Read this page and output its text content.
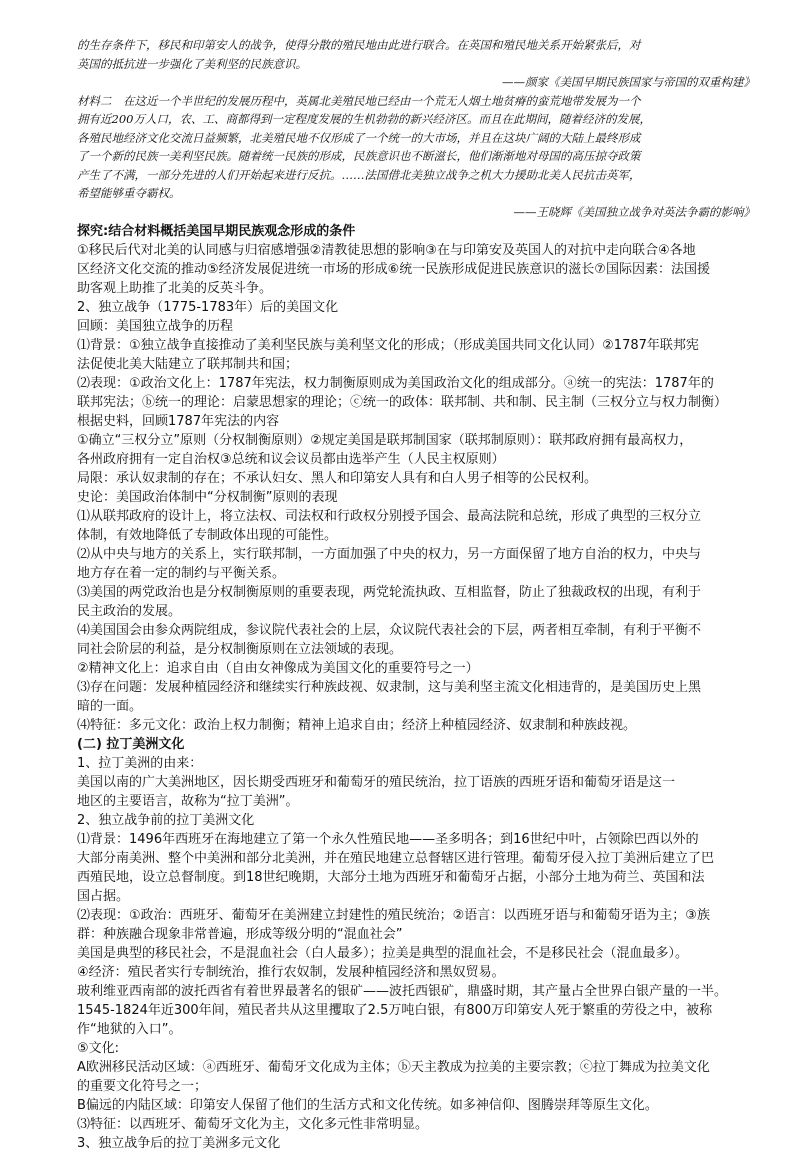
的生存条件下，移民和印第安人的战争，使得分散的殖民地由此进行联合。在英国和殖民地关系开始紧张后，对

英国的抵抗进一步强化了美利坚的民族意识。

——颜家《美国早期民族国家与帝国的双重构建》

材料二　在这近一个半世纪的发展历程中，英属北美殖民地已经由一个荒无人烟土地贫瘠的蛮荒地带发展为一个

拥有近200万人口，农、工、商都得到一定程度发展的生机勃勃的新兴经济区。而且在此期间，随着经济的发展，

各殖民地经济文化交流日益频繁，北美殖民地不仅形成了一个统一的大市场，并且在这块广阔的大陆上最终形成

了一个新的民族一美利坚民族。随着统一民族的形成，民族意识也不断滋长，他们渐渐地对母国的高压掠夺政策

产生了不满，一部分先进的人们开始起来进行反抗。……法国借北美独立战争之机大力援助北美人民抗击英军，

希望能够重夺霸权。

——王晓辉《美国独立战争对英法争霸的影响》

探究:结合材料概括美国早期民族观念形成的条件

①移民后代对北美的认同感与归宿感增强②清教徒思想的影响③在与印第安及英国人的对抗中走向联合④各地

区经济文化交流的推动⑤经济发展促进统一市场的形成⑥统一民族形成促进民族意识的滋长⑦国际因素：法国援

助客观上助推了北美的反英斗争。

2、独立战争（1775-1783年）后的美国文化

回顾：美国独立战争的历程

⑴背景：①独立战争直接推动了美利坚民族与美利坚文化的形成；（形成美国共同文化认同）②1787年联邦宪

法促使北美大陆建立了联邦制共和国；

⑵表现：①政治文化上：1787年宪法，权力制衡原则成为美国政治文化的组成部分。ⓐ统一的宪法：1787年的

联邦宪法；ⓑ统一的理论：启蒙思想家的理论；ⓒ统一的政体：联邦制、共和制、民主制（三权分立与权力制衡）

根据史料，回顾1787年宪法的内容

①确立“三权分立”原则（分权制衡原则）②规定美国是联邦制国家（联邦制原则）：联邦政府拥有最高权力，

各州政府拥有一定自治权③总统和议会议员都由选举产生（人民主权原则）

局限：承认奴隶制的存在；不承认妇女、黑人和印第安人具有和白人男子相等的公民权利。

史论：美国政治体制中“分权制衡”原则的表现

⑴从联邦政府的设计上，将立法权、司法权和行政权分别授予国会、最高法院和总统，形成了典型的三权分立

体制，有效地降低了专制政体出现的可能性。

⑵从中央与地方的关系上，实行联邦制，一方面加强了中央的权力，另一方面保留了地方自治的权力，中央与

地方存在着一定的制约与平衡关系。

⑶美国的两党政治也是分权制衡原则的重要表现，两党轮流执政、互相监督，防止了独裁政权的出现，有利于

民主政治的发展。

⑷美国国会由参众两院组成，参议院代表社会的上层，众议院代表社会的下层，两者相互牵制，有利于平衡不

同社会阶层的利益，是分权制衡原则在立法领域的表现。

②精神文化上：追求自由（自由女神像成为美国文化的重要符号之一）

⑶存在问题：发展种植园经济和继续实行种族歧视、奴隶制，这与美利坚主流文化相违背的，是美国历史上黑

暗的一面。

⑷特征：多元文化：政治上权力制衡；精神上追求自由；经济上种植园经济、奴隶制和种族歧视。

(二) 拉丁美洲文化

1、拉丁美洲的由来：

美国以南的广大美洲地区，因长期受西班牙和葡萄牙的殖民统治，拉丁语族的西班牙语和葡萄牙语是这一

地区的主要语言，故称为“拉丁美洲”。

2、独立战争前的拉丁美洲文化

⑴背景：1496年西班牙在海地建立了第一个永久性殖民地——圣多明各；到16世纪中叶，占领除巴西以外的

大部分南美洲、整个中美洲和部分北美洲，并在殖民地建立总督辖区进行管理。葡萄牙侵入拉丁美洲后建立了巴

西殖民地，设立总督制度。到18世纪晚期，大部分土地为西班牙和葡萄牙占据，小部分土地为荷兰、英国和法

国占据。

⑵表现：①政治：西班牙、葡萄牙在美洲建立封建性的殖民统治；②语言：以西班牙语与和葡萄牙语为主；③族

群：种族融合现象非常普遍，形成等级分明的“混血社会”

美国是典型的移民社会，不是混血社会（白人最多）；拉美是典型的混血社会，不是移民社会（混血最多）。

④经济：殖民者实行专制统治，推行农奴制，发展种植园经济和黑奴贸易。

玻利维亚西南部的波托西省有着世界最著名的银矿——波托西银矿，鼎盛时期，其产量占全世界白银产量的一半。

1545-1824年近300年间，殖民者共从这里攫取了2.5万吨白银，有800万印第安人死于繁重的劳役之中，被称

作“地狱的入口”。

⑤文化:

A欧洲移民活动区域：ⓐ西班牙、葡萄牙文化成为主体；ⓑ天主教成为拉美的主要宗教；ⓒ拉丁舞成为拉美文化

的重要文化符号之一；

B偏远的内陆区域：印第安人保留了他们的生活方式和文化传统。如多神信仰、图腾崇拜等原生文化。

⑶特征：以西班牙、葡萄牙文化为主，文化多元性非常明显。

3、独立战争后的拉丁美洲多元文化
